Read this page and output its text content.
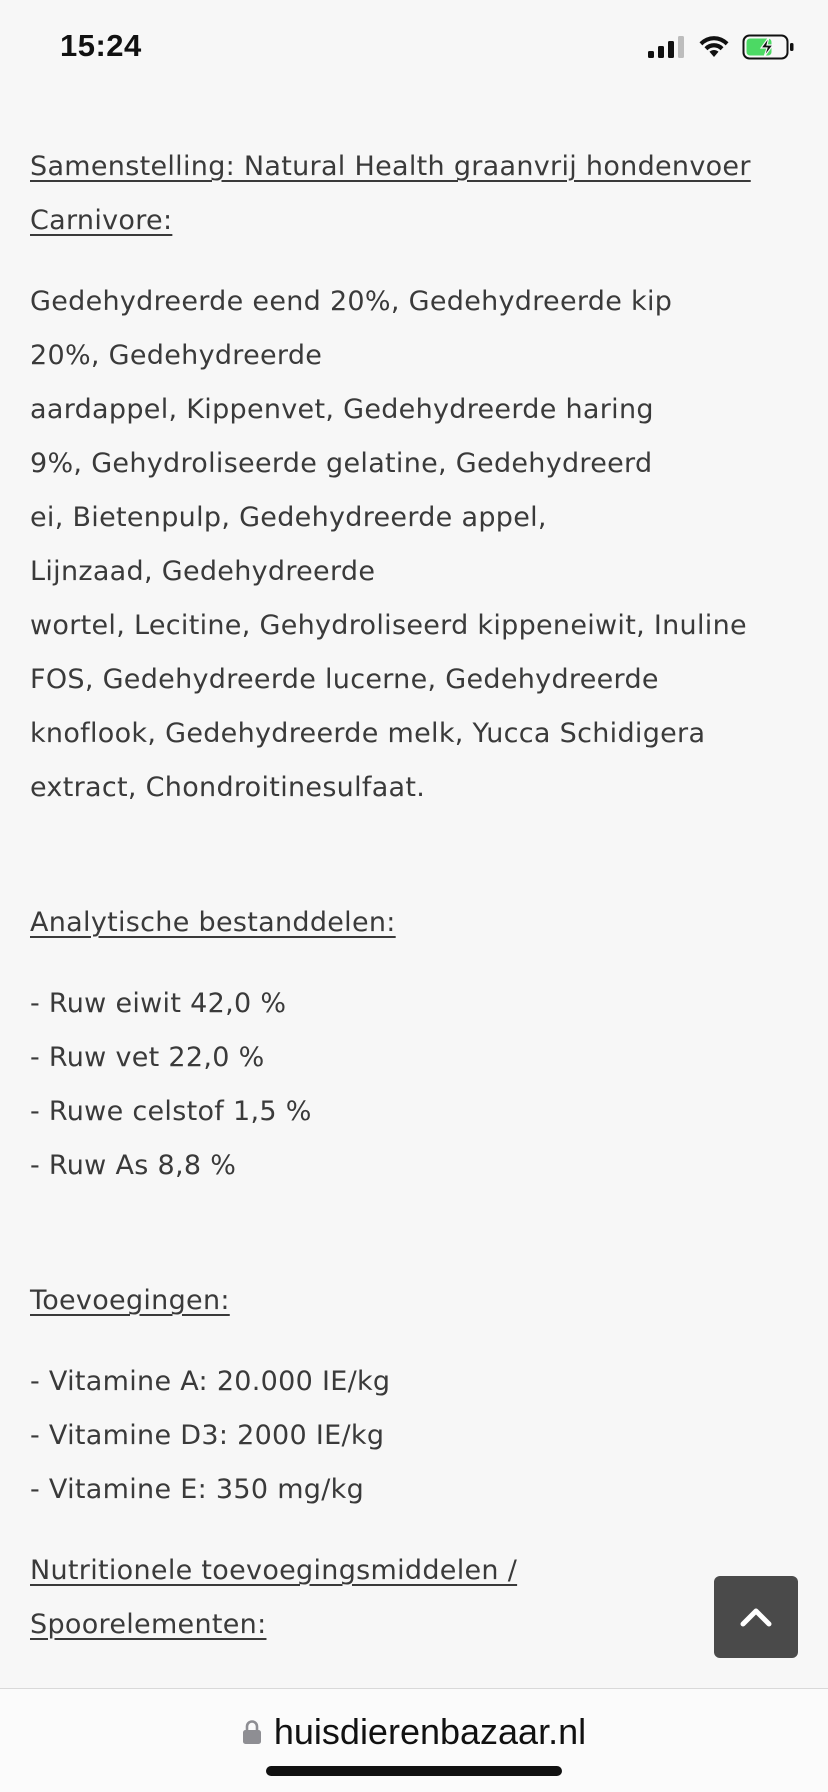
15:24

Samenstelling: Natural Health graanvrij hondenvoer
Carnivore:

Gedehydreerde eend 20%, Gedehydreerde kip
20%, Gedehydreerde
aardappel, Kippenvet, Gedehydreerde haring
9%, Gehydroliseerde gelatine, Gedehydreerd
ei, Bietenpulp, Gedehydreerde appel,
Lijnzaad, Gedehydreerde
wortel, Lecitine, Gehydroliseerd kippeneiwit, Inuline
FOS, Gedehydreerde lucerne, Gedehydreerde
knoflook, Gedehydreerde melk, Yucca Schidigera
extract, Chondroitinesulfaat.

Analytische bestanddelen:

- Ruw eiwit 42,0 %
- Ruw vet 22,0 %
- Ruwe celstof 1,5 %
- Ruw As 8,8 %

Toevoegingen:

- Vitamine A: 20.000 IE/kg
- Vitamine D3: 2000 IE/kg
- Vitamine E: 350 mg/kg

Nutritionele toevoegingsmiddelen /
Spoorelementen:

huisdierenbazaar.nl
